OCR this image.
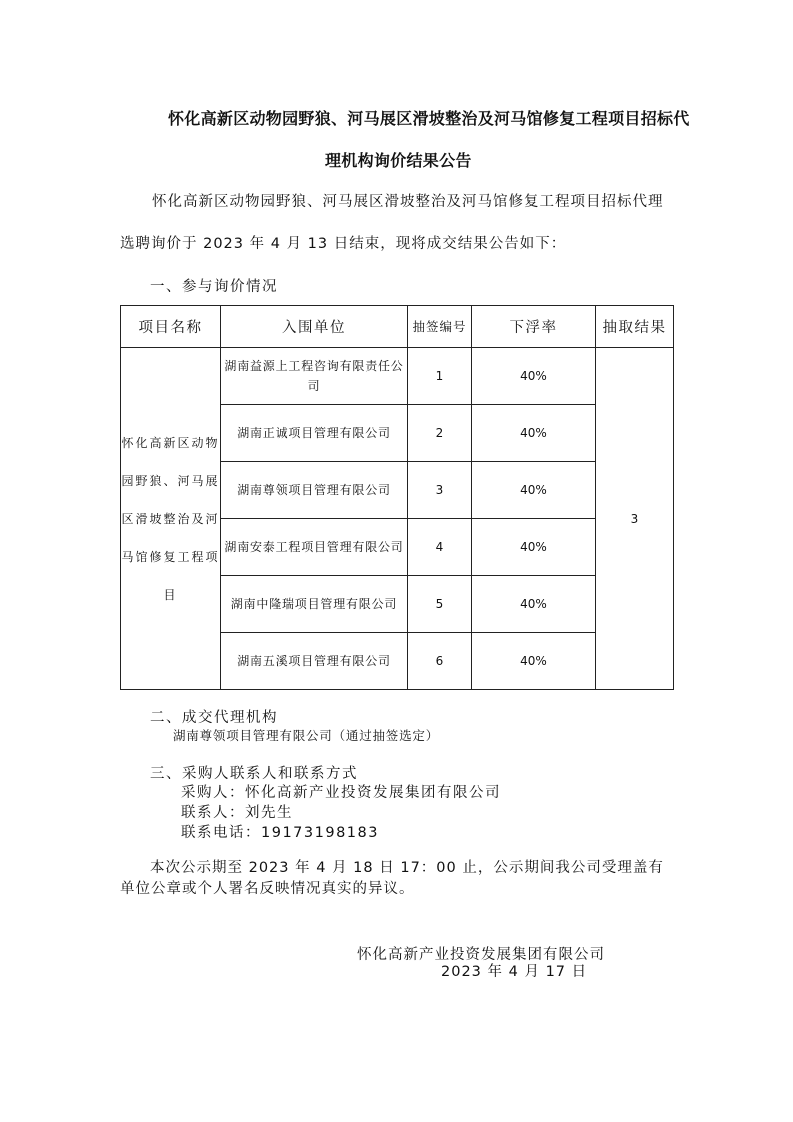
怀化高新区动物园野狼、河马展区滑坡整治及河马馆修复工程项目招标代
理机构询价结果公告
怀化高新区动物园野狼、河马展区滑坡整治及河马馆修复工程项目招标代理
选聘询价于 2023 年 4 月 13 日结束，现将成交结果公告如下：
一、参与询价情况
项目名称	入围单位	抽签编号	下浮率	抽取结果
怀化高新区动物园野狼、河马展区滑坡整治及河马馆修复工程项目	湖南益源上工程咨询有限责任公司	1	40%	3
	湖南正诚项目管理有限公司	2	40%	
	湖南尊领项目管理有限公司	3	40%	
	湖南安泰工程项目管理有限公司	4	40%	
	湖南中隆瑞项目管理有限公司	5	40%	
	湖南五溪项目管理有限公司	6	40%	
二、成交代理机构
湖南尊领项目管理有限公司（通过抽签选定）
三、采购人联系人和联系方式
采购人：怀化高新产业投资发展集团有限公司
联系人：刘先生
联系电话：19173198183
本次公示期至 2023 年 4 月 18 日 17：00 止，公示期间我公司受理盖有
单位公章或个人署名反映情况真实的异议。
怀化高新产业投资发展集团有限公司
2023 年 4 月 17 日
